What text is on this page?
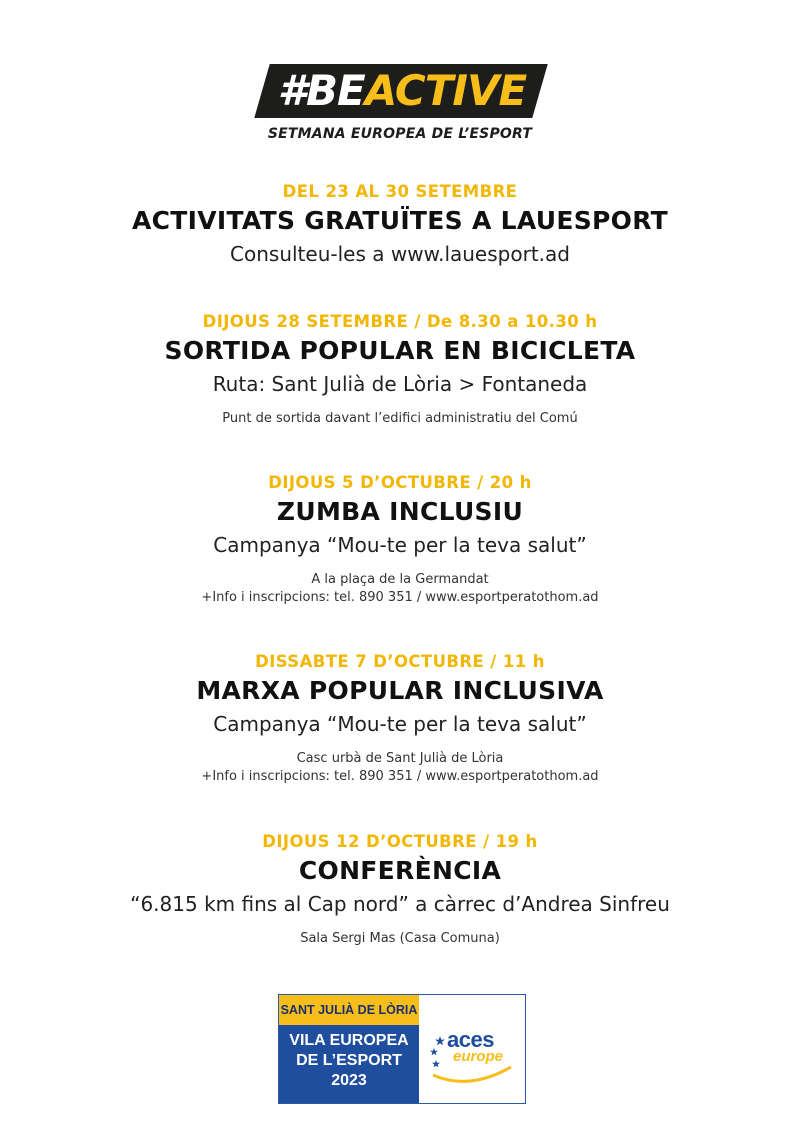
#BEACTIVE
SETMANA EUROPEA DE L’ESPORT
DEL 23 AL 30 SETEMBRE
ACTIVITATS GRATUÏTES A LAUESPORT
Consulteu-les a www.lauesport.ad
DIJOUS 28 SETEMBRE / De 8.30 a 10.30 h
SORTIDA POPULAR EN BICICLETA
Ruta: Sant Julià de Lòria > Fontaneda
Punt de sortida davant l’edifici administratiu del Comú
DIJOUS 5 D’OCTUBRE / 20 h
ZUMBA INCLUSIU
Campanya “Mou-te per la teva salut”
A la plaça de la Germandat
+Info i inscripcions: tel. 890 351 / www.esportperatothom.ad
DISSABTE 7 D’OCTUBRE / 11 h
MARXA POPULAR INCLUSIVA
Campanya “Mou-te per la teva salut”
Casc urbà de Sant Julià de Lòria
+Info i inscripcions: tel. 890 351 / www.esportperatothom.ad
DIJOUS 12 D’OCTUBRE / 19 h
CONFERÈNCIA
“6.815 km fins al Cap nord” a càrrec d’Andrea Sinfreu
Sala Sergi Mas (Casa Comuna)
SANT JULIÀ DE LÒRIA
VILA EUROPEA
DE L’ESPORT
2023
aces
europe
